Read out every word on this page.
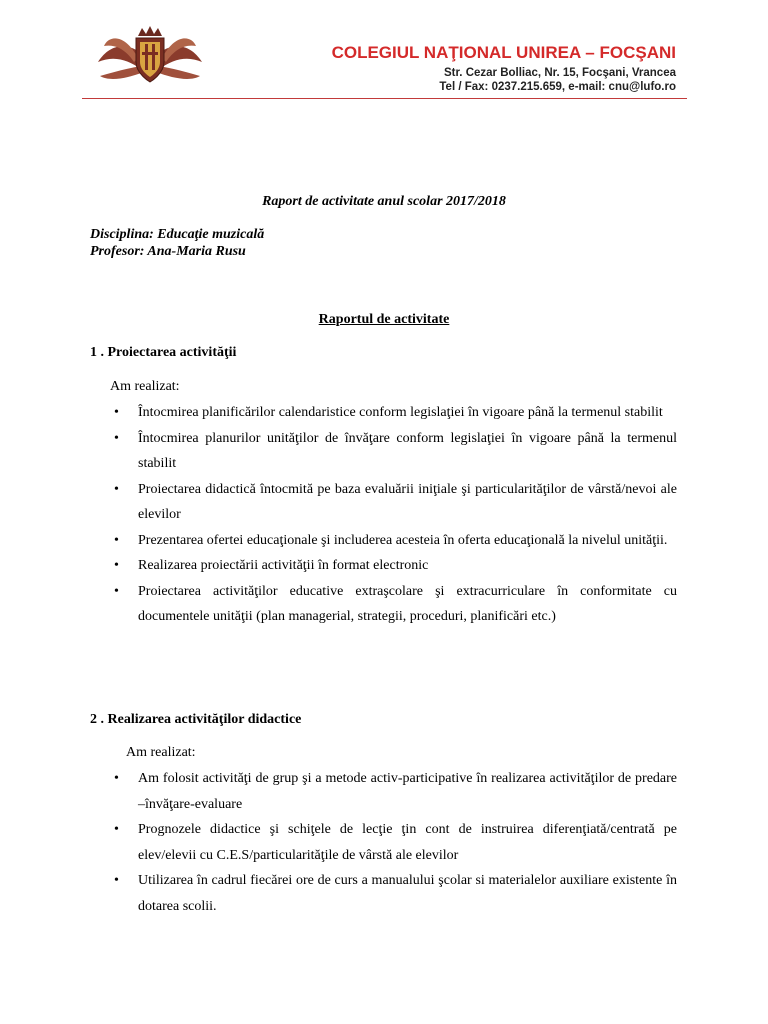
COLEGIUL NAŢIONAL UNIREA – FOCŞANI
Str. Cezar Bolliac, Nr. 15, Focşani, Vrancea
Tel / Fax: 0237.215.659, e-mail: cnu@lufo.ro
Raport de activitate anul scolar 2017/2018
Disciplina: Educaţie muzicală
Profesor: Ana-Maria Rusu
Raportul de activitate
1 . Proiectarea activităţii
Am realizat:
• Întocmirea planificărilor calendaristice conform legislaţiei în vigoare până la termenul stabilit
• Întocmirea planurilor unităţilor de învăţare conform legislaţiei în vigoare până la termenul stabilit
• Proiectarea didactică întocmită pe baza evaluării iniţiale şi particularităţilor de vârstă/nevoi ale elevilor
• Prezentarea ofertei educaţionale şi includerea acesteia în oferta educaţională la nivelul unităţii.
• Realizarea proiectării activităţii în format electronic
• Proiectarea activităţilor educative extraşcolare şi extracurriculare în conformitate cu documentele unităţii (plan managerial, strategii, proceduri, planificări etc.)
2 . Realizarea activităţilor didactice
Am realizat:
• Am folosit activităţi de grup şi a metode activ-participative în realizarea activităţilor de predare –învăţare-evaluare
• Prognozele didactice şi schiţele de lecţie ţin cont de instruirea diferenţiată/centrată pe elev/elevii cu C.E.S/particularităţile de vârstă ale elevilor
• Utilizarea în cadrul fiecărei ore de curs a manualului şcolar si materialelor auxiliare existente în dotarea scolii.
